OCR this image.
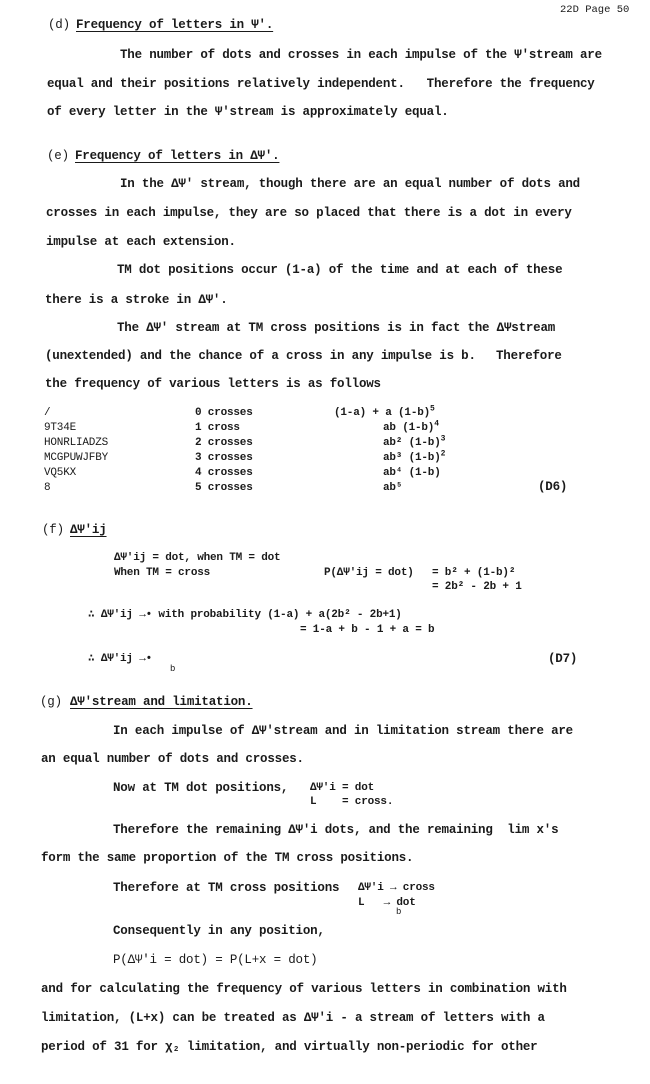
22D Page 50
(d) Frequency of letters in Ψ'.
The number of dots and crosses in each impulse of the Ψ'stream are
equal and their positions relatively independent.   Therefore the frequency
of every letter in the Ψ'stream is approximately equal.
(e) Frequency of letters in ΔΨ'.
In the ΔΨ' stream, though there are an equal number of dots and
crosses in each impulse, they are so placed that there is a dot in every
impulse at each extension.
TM dot positions occur (1-a) of the time and at each of these
there is a stroke in ΔΨ'.
The ΔΨ' stream at TM cross positions is in fact the ΔΨstream
(unextended) and the chance of a cross in any impulse is b. Therefore
the frequency of various letters is as follows
/
9T34E
HONRLIADZS
MCGPUWJFBY
VQ5KX
8
0 crosses
1 cross
2 crosses
3 crosses
4 crosses
5 crosses
(1-a) + a $(1-b)^5$
ab $(1-b)^4$
ab² $(1-b)^3$
ab³ $(1-b)^2$
ab⁴ (1-b)
ab⁵	(D6)
(f) ΔΨ'ij
ΔΨ'ij = dot, when TM = dot
When TM = cross	P(ΔΨ'ij = dot) = b² + (1-b)²
= 2b² - 2b + 1
∴ ΔΨ'ij →• with probability (1-a) + a(2b² - 2b+1)
= 1-a + b - 1 + a = b
∴ ΔΨ'ij →•
b
(D7)
(g) ΔΨ'stream and limitation.
In each impulse of ΔΨ'stream and in limitation stream there are
an equal number of dots and crosses.
Now at TM dot positions, ΔΨ'i = dot
L    = cross.
Therefore the remaining ΔΨ'i dots, and the remaining  lim x's
form the same proportion of the TM cross positions.
Therefore at TM cross positions ΔΨ'i → cross
L   → dot
b
Consequently in any position,
P(ΔΨ'i = dot) = P(L+x = dot)
and for calculating the frequency of various letters in combination with
limitation, (L+x) can be treated as ΔΨ'i - a stream of letters with a
period of 31 for χ₂ limitation, and virtually non-periodic for other
